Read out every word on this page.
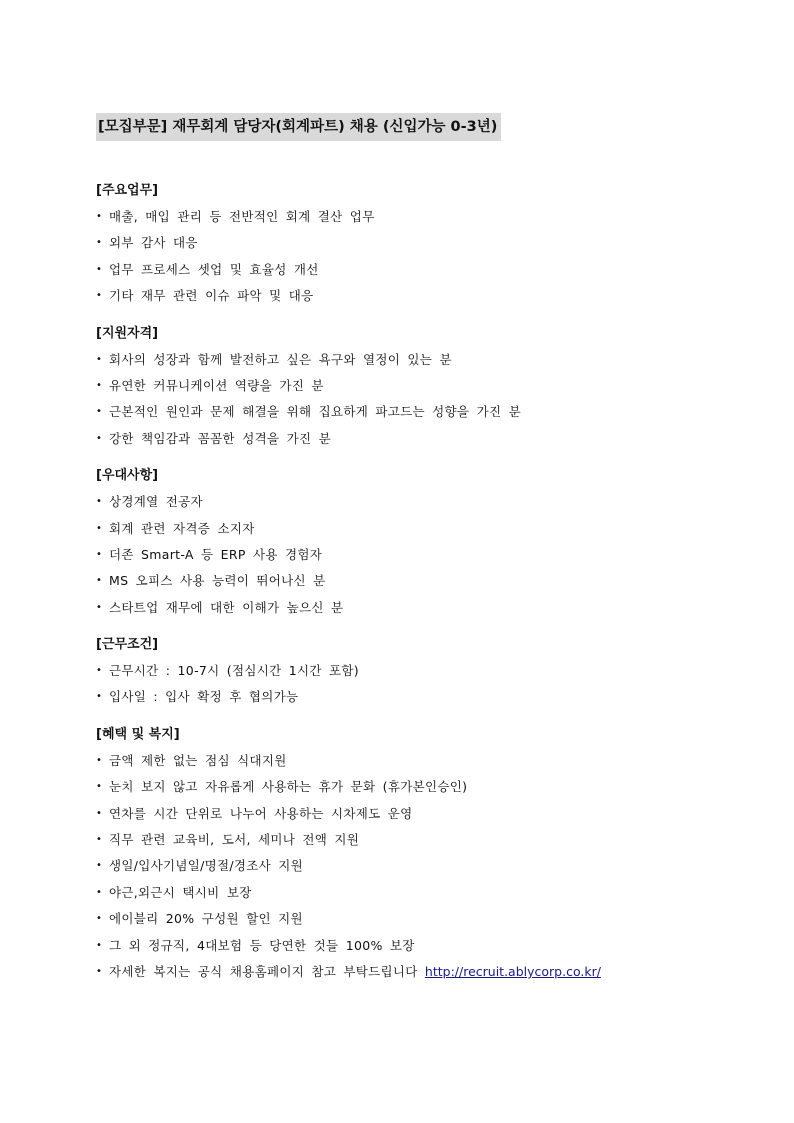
[모집부문] 재무회계 담당자(회계파트) 채용 (신입가능 0-3년)
[주요업무]
• 매출, 매입 관리 등 전반적인 회계 결산 업무
• 외부 감사 대응
• 업무 프로세스 셋업 및 효율성 개선
• 기타 재무 관련 이슈 파악 및 대응
[지원자격]
• 회사의 성장과 함께 발전하고 싶은 욕구와 열정이 있는 분
• 유연한 커뮤니케이션 역량을 가진 분
• 근본적인 원인과 문제 해결을 위해 집요하게 파고드는 성향을 가진 분
• 강한 책임감과 꼼꼼한 성격을 가진 분
[우대사항]
• 상경계열 전공자
• 회계 관련 자격증 소지자
• 더존 Smart-A 등 ERP 사용 경험자
• MS 오피스 사용 능력이 뛰어나신 분
• 스타트업 재무에 대한 이해가 높으신 분
[근무조건]
• 근무시간 : 10-7시 (점심시간 1시간 포함)
• 입사일 : 입사 확정 후 협의가능
[혜택 및 복지]
• 금액 제한 없는 점심 식대지원
• 눈치 보지 않고 자유롭게 사용하는 휴가 문화 (휴가본인승인)
• 연차를 시간 단위로 나누어 사용하는 시차제도 운영
• 직무 관련 교육비, 도서, 세미나 전액 지원
• 생일/입사기념일/명절/경조사 지원
• 야근,외근시 택시비 보장
• 에이블리 20% 구성원 할인 지원
• 그 외 정규직, 4대보험 등 당연한 것들 100% 보장
• 자세한 복지는 공식 채용홈페이지 참고 부탁드립니다 http://recruit.ablycorp.co.kr/
